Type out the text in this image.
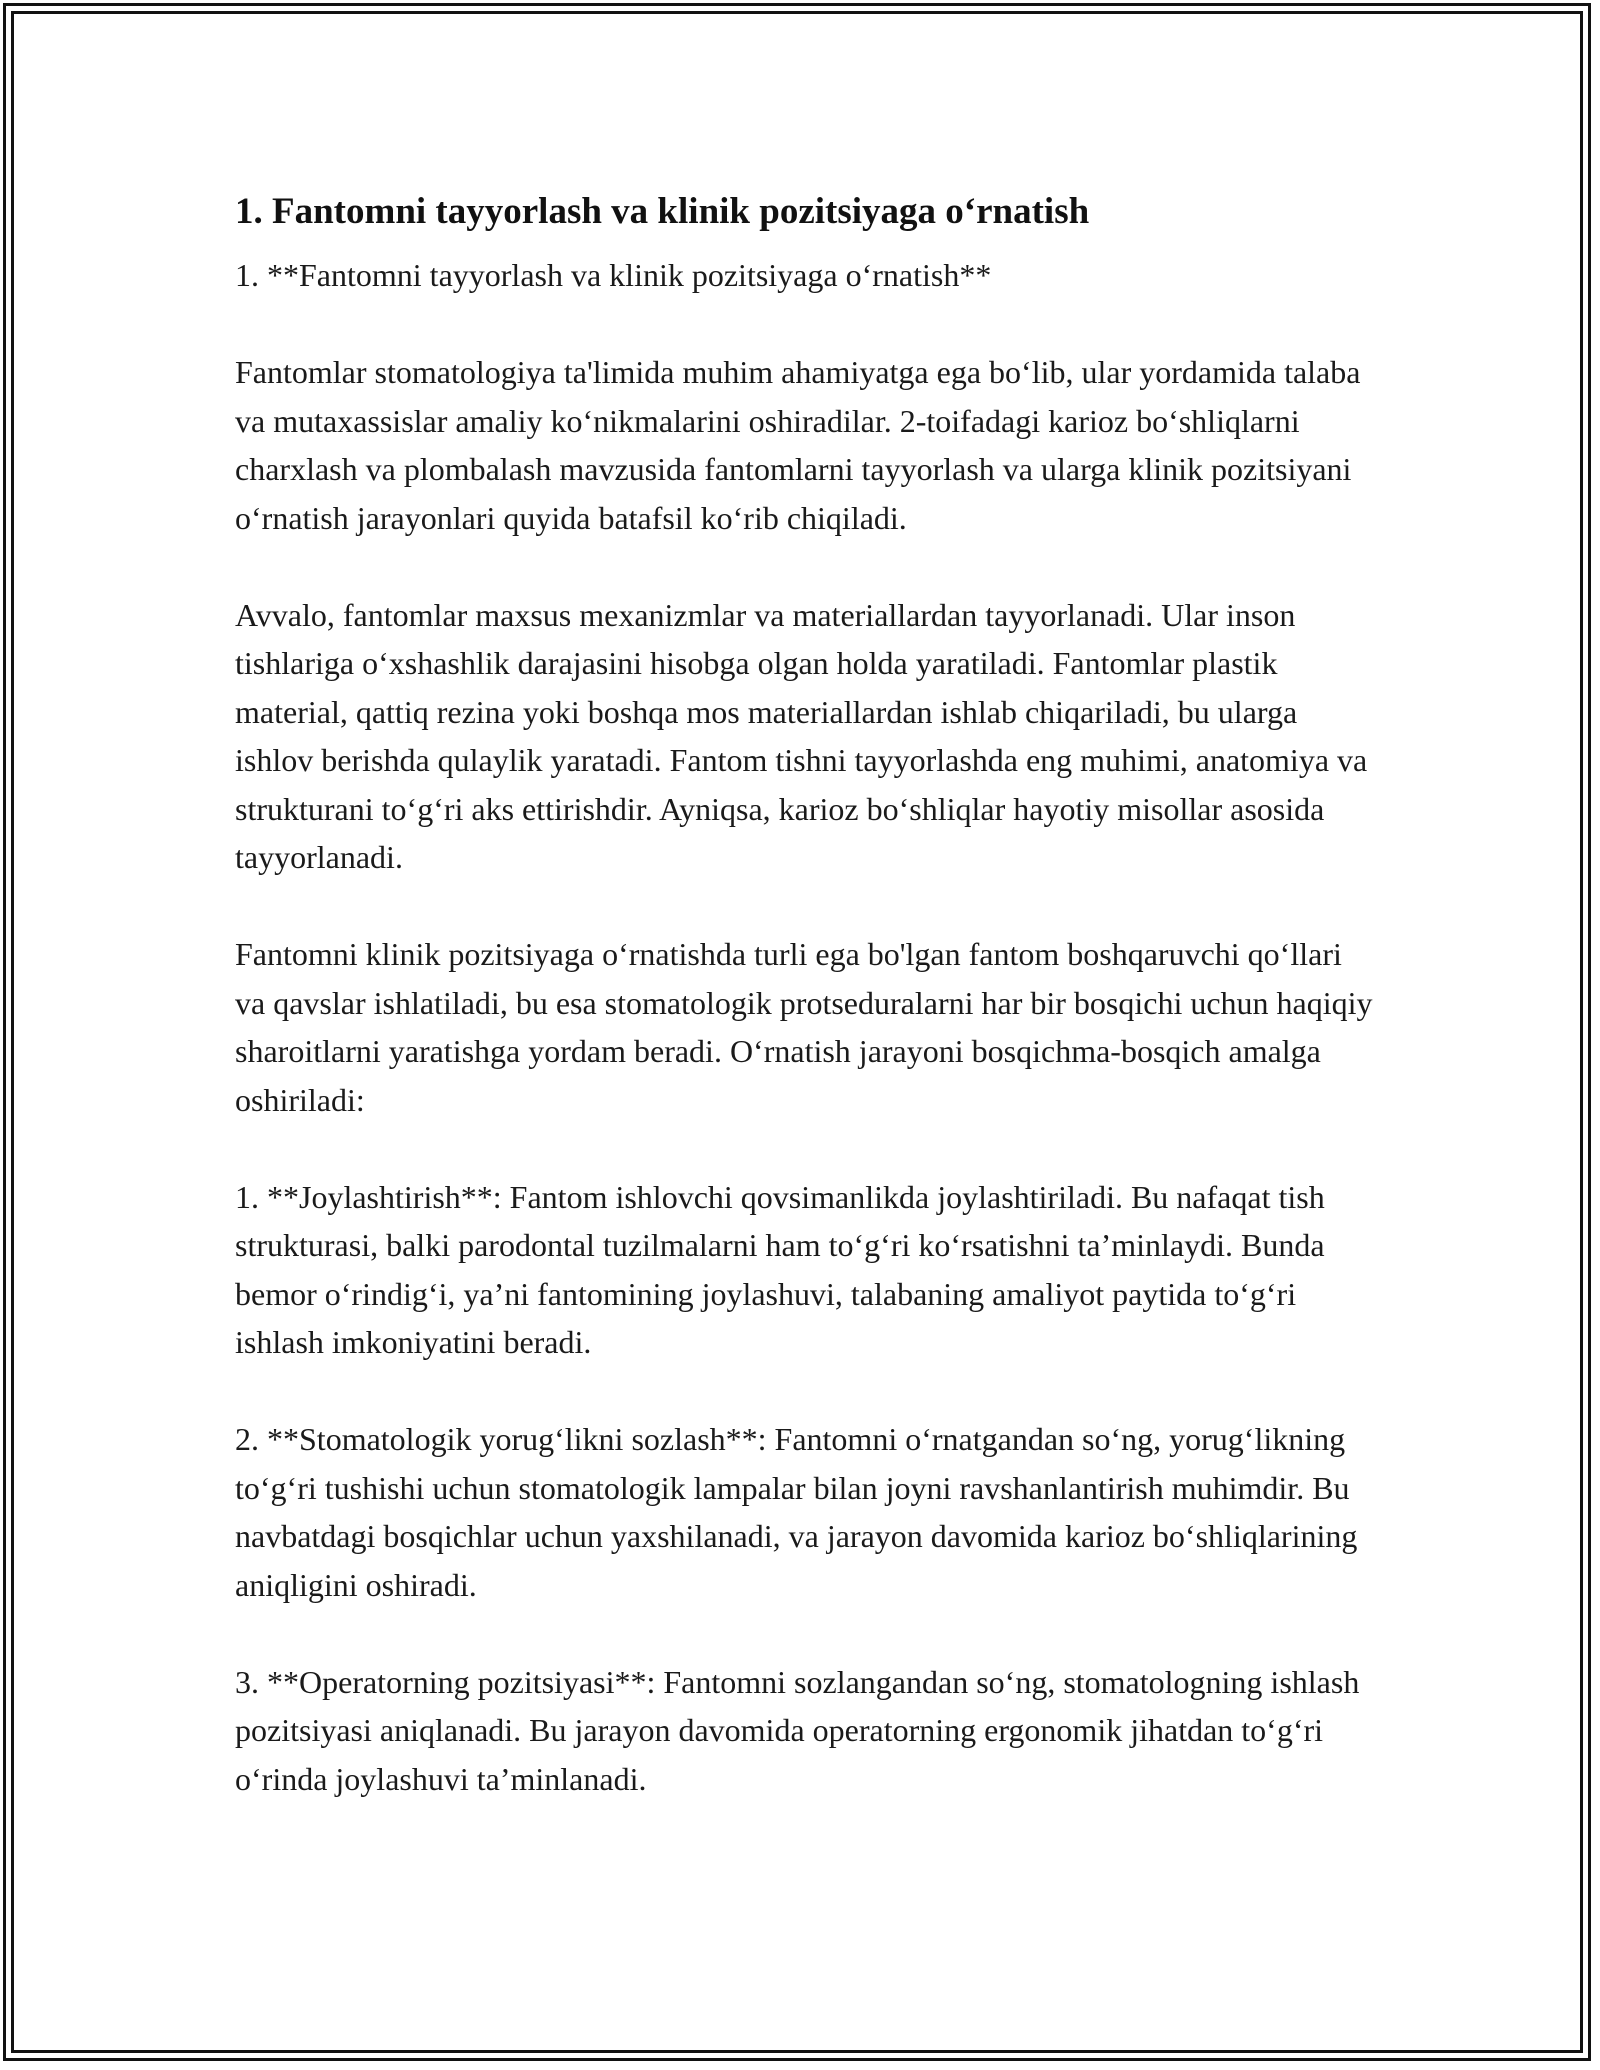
1. Fantomni tayyorlash va klinik pozitsiyaga o‘rnatish

1. **Fantomni tayyorlash va klinik pozitsiyaga o‘rnatish**

Fantomlar stomatologiya ta'limida muhim ahamiyatga ega bo‘lib, ular yordamida talaba va mutaxassislar amaliy ko‘nikmalarini oshiradilar. 2-toifadagi karioz bo‘shliqlarni charxlash va plombalash mavzusida fantomlarni tayyorlash va ularga klinik pozitsiyani o‘rnatish jarayonlari quyida batafsil ko‘rib chiqiladi.

Avvalo, fantomlar maxsus mexanizmlar va materiallardan tayyorlanadi. Ular inson tishlariga o‘xshashlik darajasini hisobga olgan holda yaratiladi. Fantomlar plastik material, qattiq rezina yoki boshqa mos materiallardan ishlab chiqariladi, bu ularga ishlov berishda qulaylik yaratadi. Fantom tishni tayyorlashda eng muhimi, anatomiya va strukturani to‘g‘ri aks ettirishdir. Ayniqsa, karioz bo‘shliqlar hayotiy misollar asosida tayyorlanadi.

Fantomni klinik pozitsiyaga o‘rnatishda turli ega bo'lgan fantom boshqaruvchi qo‘llari va qavslar ishlatiladi, bu esa stomatologik protseduralarni har bir bosqichi uchun haqiqiy sharoitlarni yaratishga yordam beradi. O‘rnatish jarayoni bosqichma-bosqich amalga oshiriladi:

1. **Joylashtirish**: Fantom ishlovchi qovsimanlikda joylashtiriladi. Bu nafaqat tish strukturasi, balki parodontal tuzilmalarni ham to‘g‘ri ko‘rsatishni ta’minlaydi. Bunda bemor o‘rindig‘i, ya’ni fantomining joylashuvi, talabaning amaliyot paytida to‘g‘ri ishlash imkoniyatini beradi.

2. **Stomatologik yorug‘likni sozlash**: Fantomni o‘rnatgandan so‘ng, yorug‘likning to‘g‘ri tushishi uchun stomatologik lampalar bilan joyni ravshanlantirish muhimdir. Bu navbatdagi bosqichlar uchun yaxshilanadi, va jarayon davomida karioz bo‘shliqlarining aniqligini oshiradi.

3. **Operatorning pozitsiyasi**: Fantomni sozlangandan so‘ng, stomatologning ishlash pozitsiyasi aniqlanadi. Bu jarayon davomida operatorning ergonomik jihatdan to‘g‘ri o‘rinda joylashuvi ta’minlanadi.
